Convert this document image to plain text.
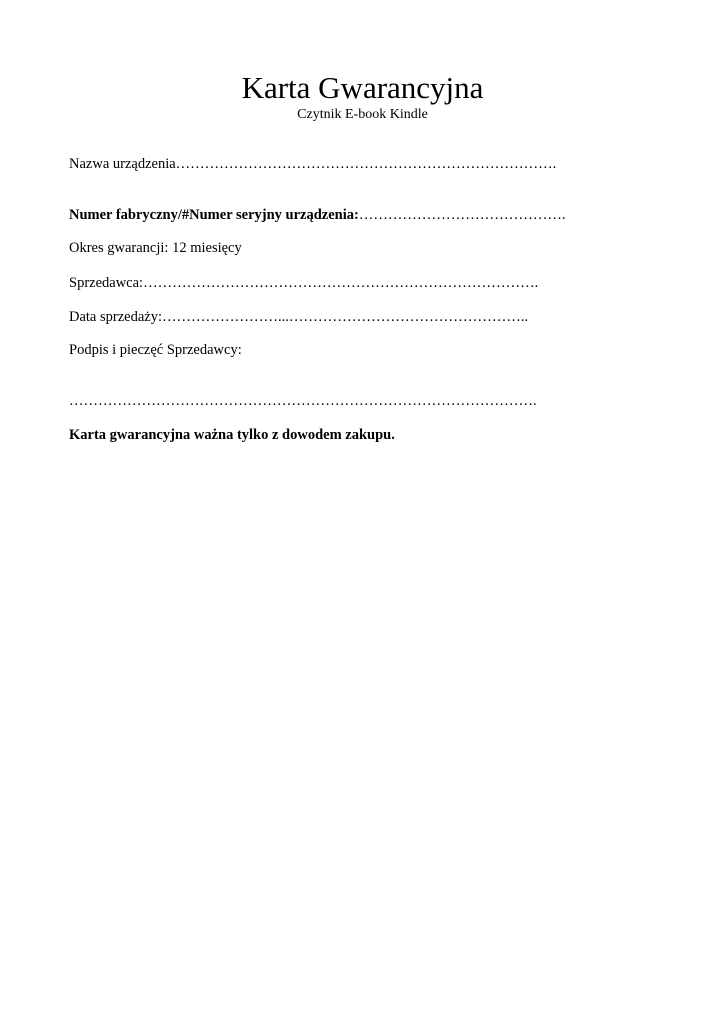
Karta Gwarancyjna
Czytnik E-book Kindle
Nazwa urządzenia…………………………………………………………………….
Numer fabryczny/#Numer seryjny urządzenia:…………………………………….
Okres gwarancji: 12 miesięcy
Sprzedawca:……………………………………………………………………….
Data sprzedaży:……………………...…………………………………………..
Podpis i pieczęć Sprzedawcy:
…………………………………………………………………………………….
Karta gwarancyjna ważna tylko z dowodem zakupu.
